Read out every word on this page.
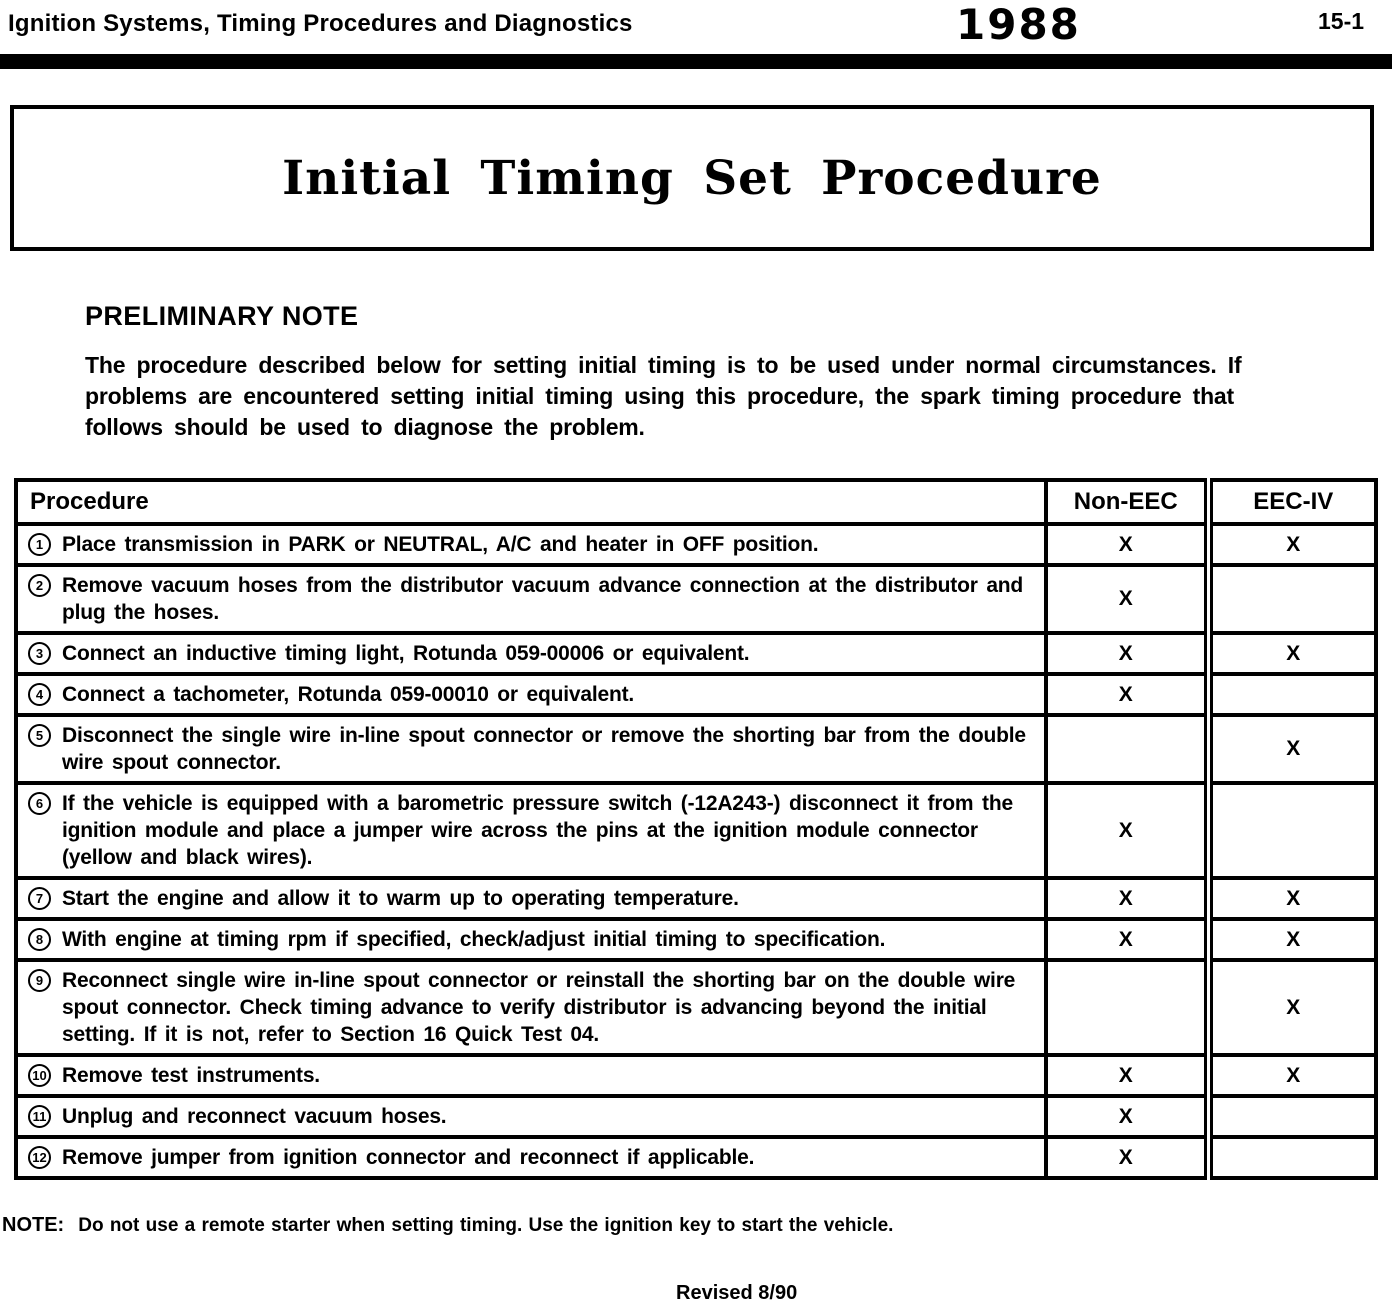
Ignition Systems, Timing Procedures and Diagnostics	1988	15-1
Initial Timing Set Procedure
PRELIMINARY NOTE

The procedure described below for setting initial timing is to be used under normal circumstances. If problems are encountered setting initial timing using this procedure, the spark timing procedure that follows should be used to diagnose the problem.

Procedure	Non-EEC	EEC-IV

1 Place transmission in PARK or NEUTRAL, A/C and heater in OFF position.	X	X

2 Remove vacuum hoses from the distributor vacuum advance connection at the distributor and plug the hoses.	X	

3 Connect an inductive timing light, Rotunda 059-00006 or equivalent.	X	X

4 Connect a tachometer, Rotunda 059-00010 or equivalent.	X	

5 Disconnect the single wire in-line spout connector or remove the shorting bar from the double wire spout connector.		X

6 If the vehicle is equipped with a barometric pressure switch (-12A243-) disconnect it from the ignition module and place a jumper wire across the pins at the ignition module connector (yellow and black wires).	X	

7 Start the engine and allow it to warm up to operating temperature.	X	X

8 With engine at timing rpm if specified, check/adjust initial timing to specification.	X	X

9 Reconnect single wire in-line spout connector or reinstall the shorting bar on the double wire spout connector. Check timing advance to verify distributor is advancing beyond the initial setting. If it is not, refer to Section 16 Quick Test 04.		X

10 Remove test instruments.	X	X

11 Unplug and reconnect vacuum hoses.	X	

12 Remove jumper from ignition connector and reconnect if applicable.	X	
NOTE: Do not use a remote starter when setting timing. Use the ignition key to start the vehicle.
Revised 8/90
